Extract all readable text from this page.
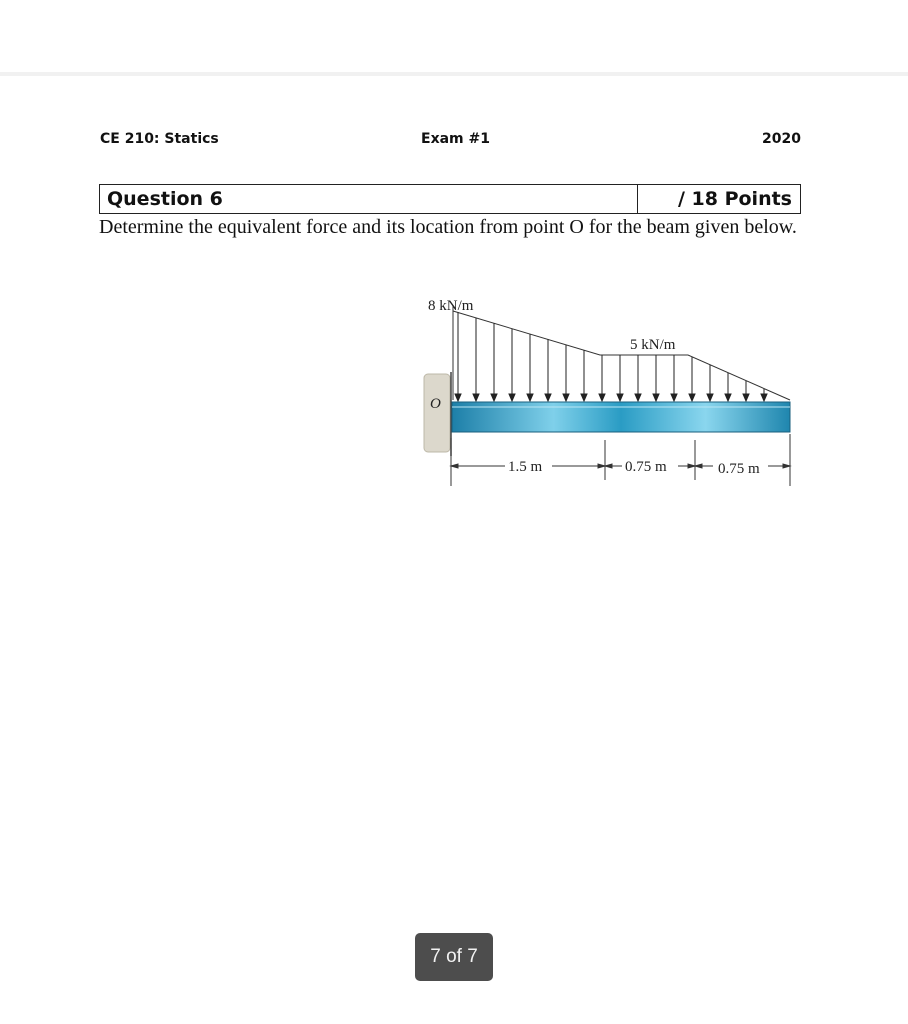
CE 210: Statics	Exam #1	2020
Question 6	/ 18 Points
Determine the equivalent force and its location from point O for the beam given below.
O
8 kN/m
5 kN/m
1.5 m	0.75 m	0.75 m
7 of 7
